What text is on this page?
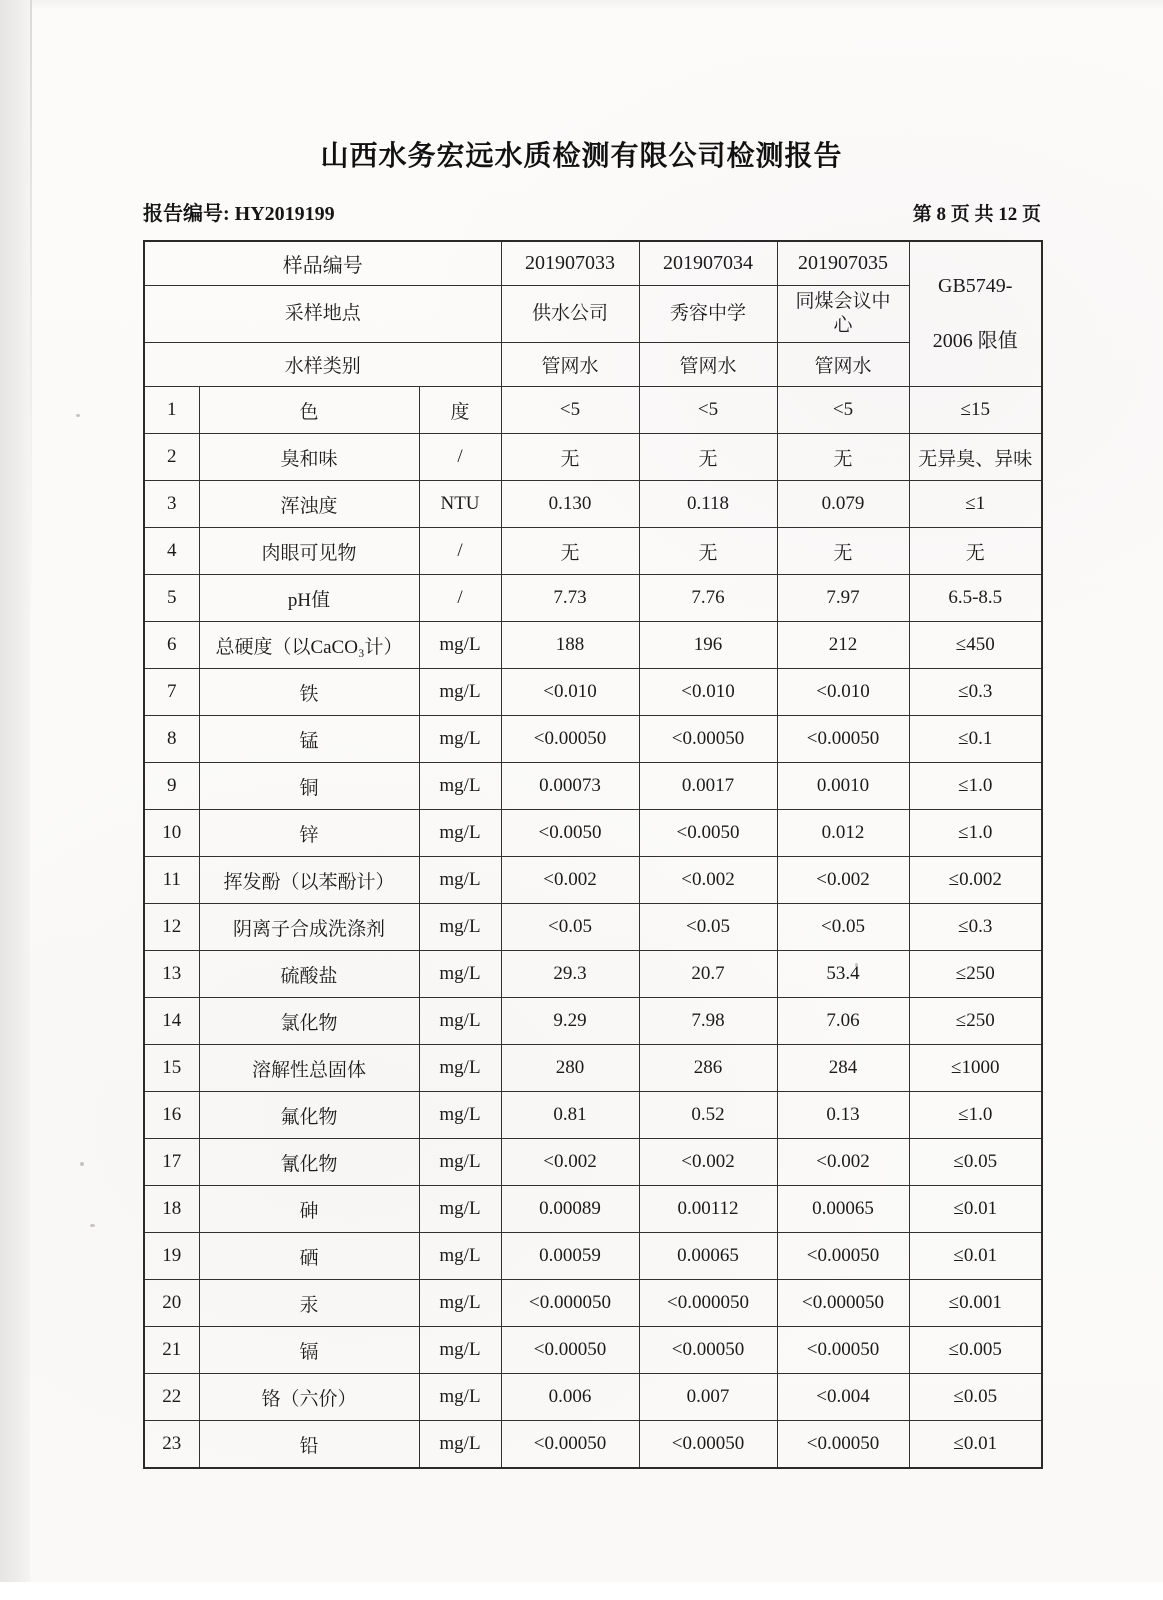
山西水务宏远水质检测有限公司检测报告
报告编号: HY2019199	第 8 页 共 12 页
样品编号			201907033	201907034	201907035	GB5749-
2006 限值

采样地点			供水公司	秀容中学	同煤会议中心	
水样类别			管网水	管网水	管网水	
1	色	度	<5	<5	<5	≤15
2	臭和味	/	无	无	无	无异臭、异味
3	浑浊度	NTU	0.130	0.118	0.079	≤1
4	肉眼可见物	/	无	无	无	无
5	pH值	/	7.73	7.76	7.97	6.5-8.5
6	总硬度（以CaCO₃计）	mg/L	188	196	212	≤450
7	铁	mg/L	<0.010	<0.010	<0.010	≤0.3
8	锰	mg/L	<0.00050	<0.00050	<0.00050	≤0.1
9	铜	mg/L	0.00073	0.0017	0.0010	≤1.0
10	锌	mg/L	<0.0050	<0.0050	0.012	≤1.0
11	挥发酚（以苯酚计）	mg/L	<0.002	<0.002	<0.002	≤0.002
12	阴离子合成洗涤剂	mg/L	<0.05	<0.05	<0.05	≤0.3
13	硫酸盐	mg/L	29.3	20.7	53.4	≤250
14	氯化物	mg/L	9.29	7.98	7.06	≤250
15	溶解性总固体	mg/L	280	286	284	≤1000
16	氟化物	mg/L	0.81	0.52	0.13	≤1.0
17	氰化物	mg/L	<0.002	<0.002	<0.002	≤0.05
18	砷	mg/L	0.00089	0.00112	0.00065	≤0.01
19	硒	mg/L	0.00059	0.00065	<0.00050	≤0.01
20	汞	mg/L	<0.000050	<0.000050	<0.000050	≤0.001
21	镉	mg/L	<0.00050	<0.00050	<0.00050	≤0.005
22	铬（六价）	mg/L	0.006	0.007	<0.004	≤0.05
23	铅	mg/L	<0.00050	<0.00050	<0.00050	≤0.01
